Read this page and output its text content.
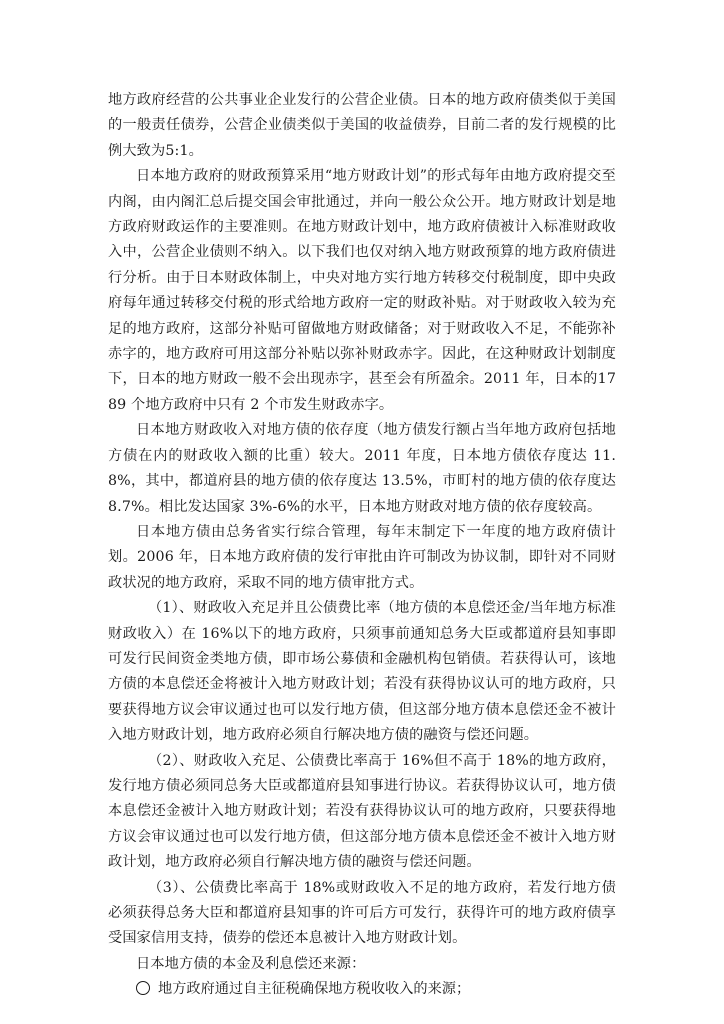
地方政府经营的公共事业企业发行的公营企业债。日本的地方政府债类似于美国的一般责任债券，公营企业债类似于美国的收益债券，目前二者的发行规模的比例大致为5:1。

日本地方政府的财政预算采用“地方财政计划”的形式每年由地方政府提交至内阁，由内阁汇总后提交国会审批通过，并向一般公众公开。地方财政计划是地方政府财政运作的主要准则。在地方财政计划中，地方政府债被计入标准财政收入中，公营企业债则不纳入。以下我们也仅对纳入地方财政预算的地方政府债进行分析。由于日本财政体制上，中央对地方实行地方转移交付税制度，即中央政府每年通过转移交付税的形式给地方政府一定的财政补贴。对于财政收入较为充足的地方政府，这部分补贴可留做地方财政储备；对于财政收入不足，不能弥补赤字的，地方政府可用这部分补贴以弥补财政赤字。因此，在这种财政计划制度下，日本的地方财政一般不会出现赤字，甚至会有所盈余。2011 年，日本的1789 个地方政府中只有 2 个市发生财政赤字。

日本地方财政收入对地方债的依存度（地方债发行额占当年地方政府包括地方债在内的财政收入额的比重）较大。2011 年度，日本地方债依存度达 11.8%，其中，都道府县的地方债的依存度达 13.5%，市町村的地方债的依存度达 8.7%。相比发达国家 3%-6%的水平，日本地方财政对地方债的依存度较高。

日本地方债由总务省实行综合管理，每年末制定下一年度的地方政府债计划。2006 年，日本地方政府债的发行审批由许可制改为协议制，即针对不同财政状况的地方政府，采取不同的地方债审批方式。

（1）、财政收入充足并且公债费比率（地方债的本息偿还金/当年地方标准财政收入）在 16%以下的地方政府，只须事前通知总务大臣或都道府县知事即可发行民间资金类地方债，即市场公募债和金融机构包销债。若获得认可，该地方债的本息偿还金将被计入地方财政计划；若没有获得协议认可的地方政府，只要获得地方议会审议通过也可以发行地方债，但这部分地方债本息偿还金不被计入地方财政计划，地方政府必须自行解决地方债的融资与偿还问题。

（2）、财政收入充足、公债费比率高于 16%但不高于 18%的地方政府，发行地方债必须同总务大臣或都道府县知事进行协议。若获得协议认可，地方债本息偿还金被计入地方财政计划；若没有获得协议认可的地方政府，只要获得地方议会审议通过也可以发行地方债，但这部分地方债本息偿还金不被计入地方财政计划，地方政府必须自行解决地方债的融资与偿还问题。

（3）、公债费比率高于 18%或财政收入不足的地方政府，若发行地方债必须获得总务大臣和都道府县知事的许可后方可发行，获得许可的地方政府债享受国家信用支持，债券的偿还本息被计入地方财政计划。

日本地方债的本金及利息偿还来源：

地方政府通过自主征税确保地方税收收入的来源；
